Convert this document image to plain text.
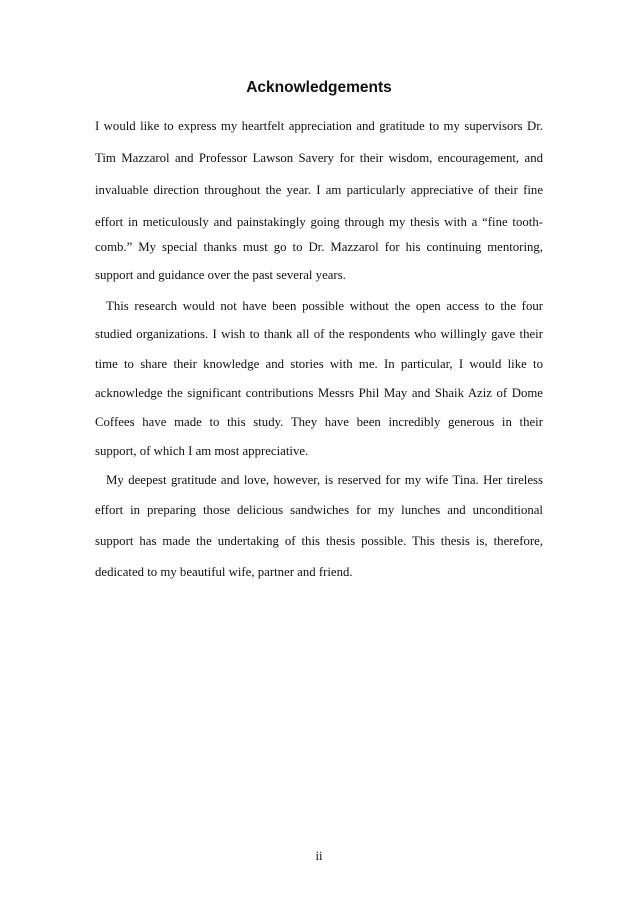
Acknowledgements
I would like to express my heartfelt appreciation and gratitude to my supervisors Dr.
Tim Mazzarol and Professor Lawson Savery for their wisdom, encouragement, and
invaluable direction throughout the year. I am particularly appreciative of their fine
effort in meticulously and painstakingly going through my thesis with a “fine tooth-
comb.” My special thanks must go to Dr. Mazzarol for his continuing mentoring,
support and guidance over the past several years.
This research would not have been possible without the open access to the four
studied organizations. I wish to thank all of the respondents who willingly gave their
time to share their knowledge and stories with me. In particular, I would like to
acknowledge the significant contributions Messrs Phil May and Shaik Aziz of Dome
Coffees have made to this study. They have been incredibly generous in their
support, of which I am most appreciative.
My deepest gratitude and love, however, is reserved for my wife Tina. Her tireless
effort in preparing those delicious sandwiches for my lunches and unconditional
support has made the undertaking of this thesis possible. This thesis is, therefore,
dedicated to my beautiful wife, partner and friend.
ii
